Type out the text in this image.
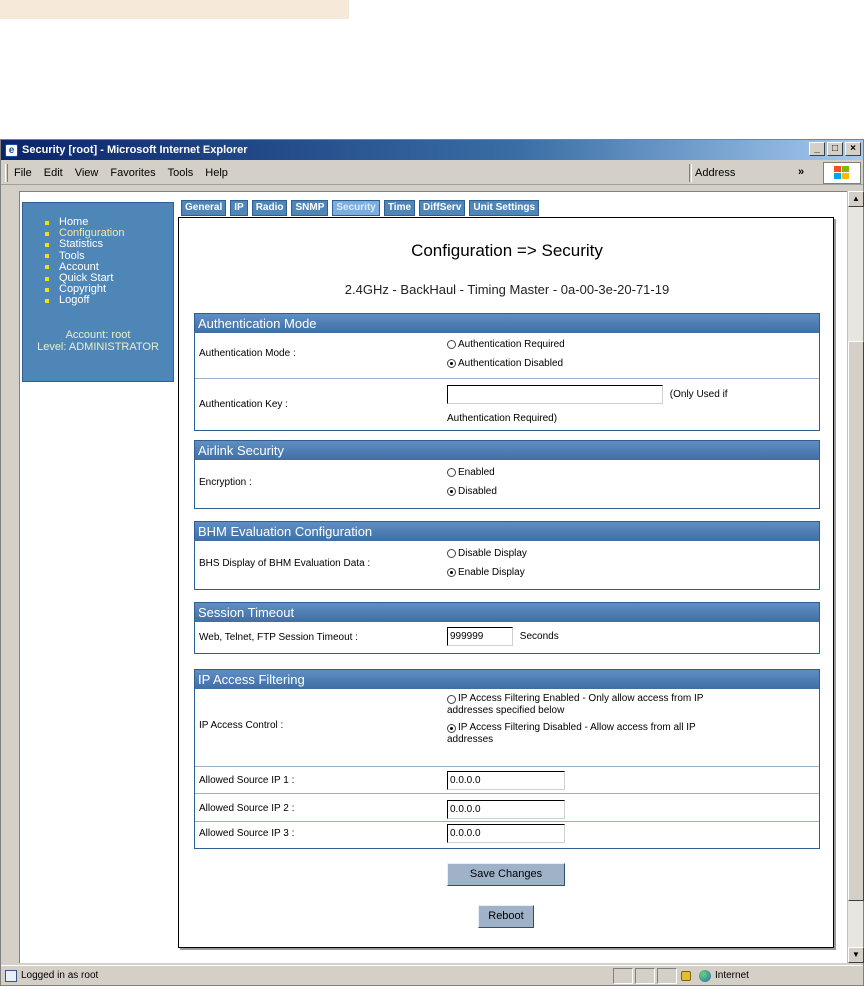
e Security [root] - Microsoft Internet Explorer	_	□	×
File Edit View Favorites Tools Help	Address	»
Home
Configuration
Statistics
Tools
Account
Quick Start
Copyright
Logoff
Account: root
Level: ADMINISTRATOR
General	IP	Radio	SNMP	Security	Time	DiffServ	Unit Settings
Configuration => Security
2.4GHz - BackHaul - Timing Master - 0a-00-3e-20-71-19
Authentication Mode
Authentication Mode :
Authentication Required
Authentication Disabled
Authentication Key :
(Only Used if
Authentication Required)
Airlink Security
Encryption :
Enabled
Disabled
BHM Evaluation Configuration
BHS Display of BHM Evaluation Data :
Disable Display
Enable Display
Session Timeout
Web, Telnet, FTP Session Timeout :	999999	Seconds
IP Access Filtering
IP Access Control :
IP Access Filtering Enabled - Only allow access from IP
addresses specified below
IP Access Filtering Disabled - Allow access from all IP
addresses
Allowed Source IP 1 :	0.0.0.0
Allowed Source IP 2 :	0.0.0.0
Allowed Source IP 3 :	0.0.0.0
Save Changes
Reboot
▲
▼
Logged in as root	Internet
